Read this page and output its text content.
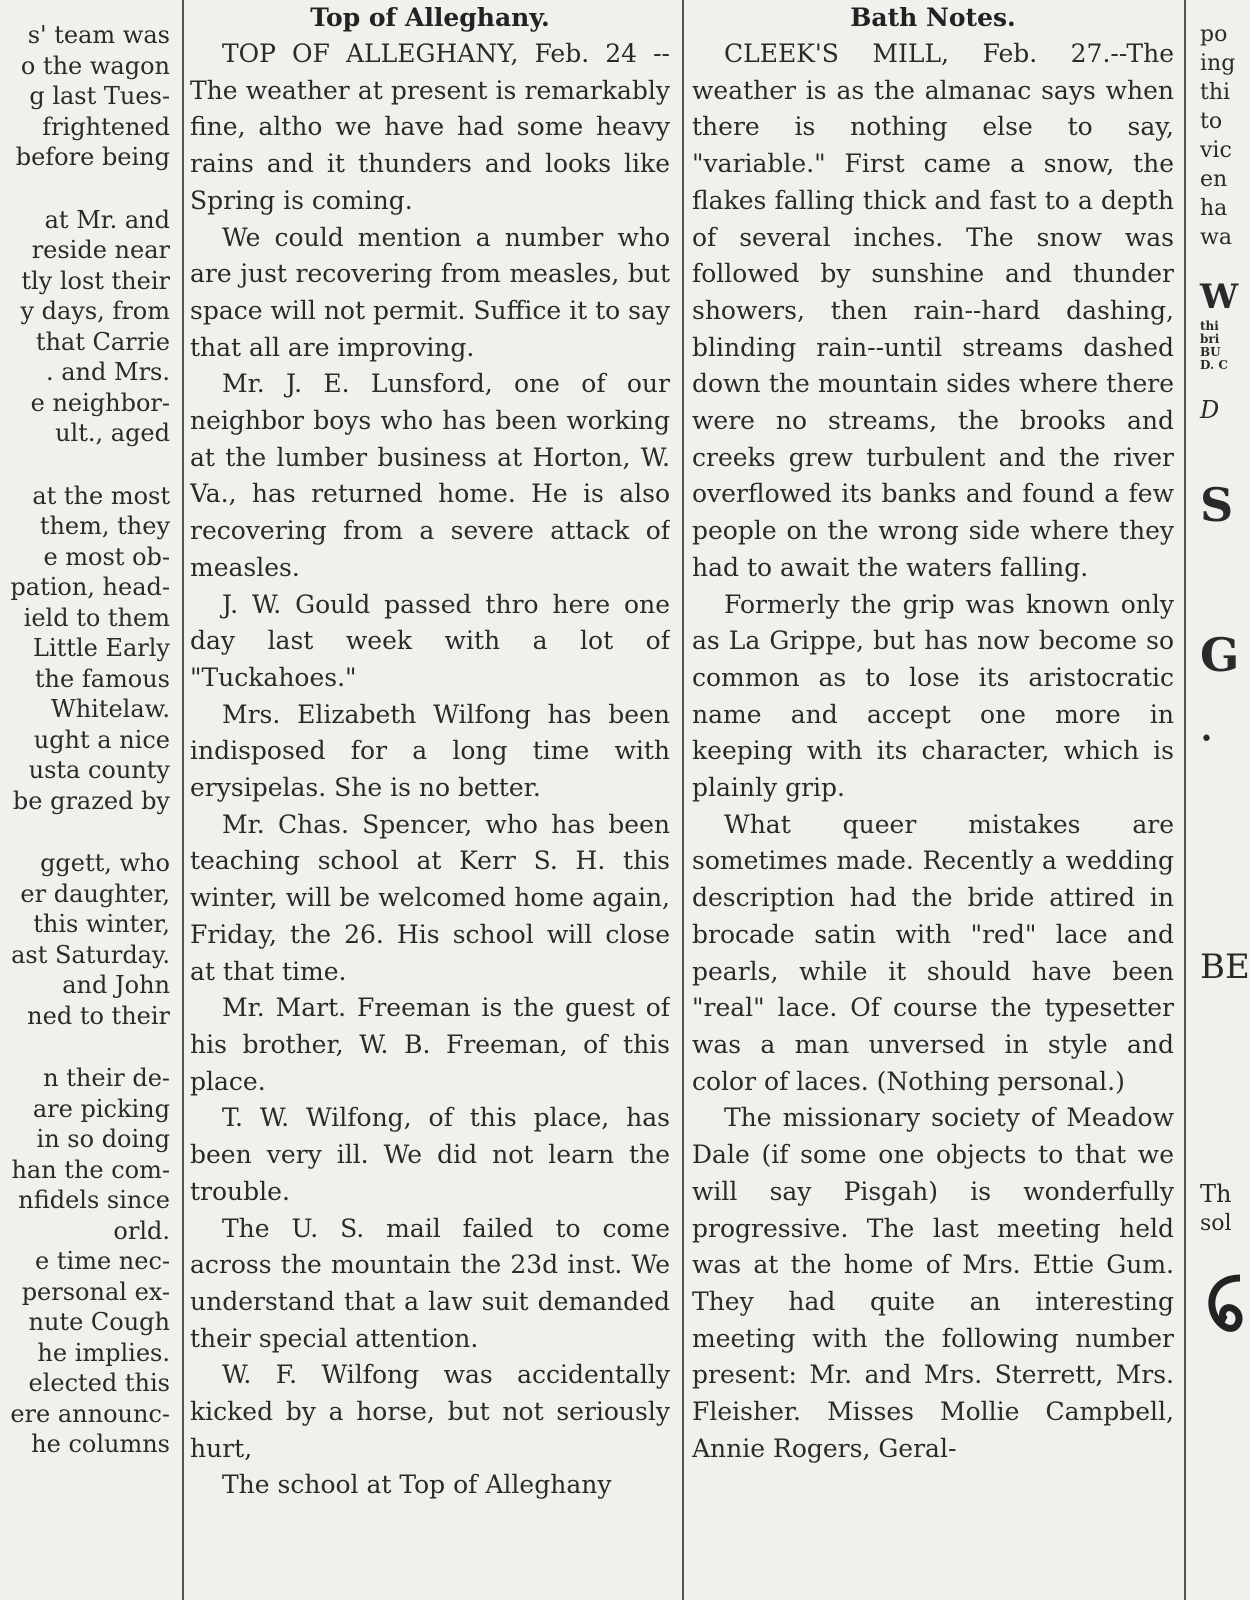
s' team was
o the wagon
g last Tues-
frightened
before being
at Mr. and
reside near
tly lost their
y days, from
that Carrie
. and Mrs.
e neighbor-
ult., aged
at the most
them, they
e most ob-
pation, head-
ield to them
Little Early
the famous
Whitelaw.
ught a nice
usta county
be grazed by
ggett, who
er daughter,
this winter,
ast Saturday.
and John
ned to their
n their de-
are picking
in so doing
han the com-
nfidels since
orld.
e time nec-
personal ex-
nute Cough
he implies.
elected this
ere announc-
he columns

Top of Alleghany.

TOP OF ALLEGHANY, Feb. 24 -- The weather at present is remarkably fine, altho we have had some heavy rains and it thunders and looks like Spring is coming.

We could mention a number who are just recovering from measles, but space will not permit. Suffice it to say that all are improving.

Mr. J. E. Lunsford, one of our neighbor boys who has been working at the lumber business at Horton, W. Va., has returned home. He is also recovering from a severe attack of measles.

J. W. Gould passed thro here one day last week with a lot of "Tuckahoes."

Mrs. Elizabeth Wilfong has been indisposed for a long time with erysipelas. She is no better.

Mr. Chas. Spencer, who has been teaching school at Kerr S. H. this winter, will be welcomed home again, Friday, the 26. His school will close at that time.

Mr. Mart. Freeman is the guest of his brother, W. B. Freeman, of this place.

T. W. Wilfong, of this place, has been very ill. We did not learn the trouble.

The U. S. mail failed to come across the mountain the 23d inst. We understand that a law suit demanded their special attention.

W. F. Wilfong was accidentally kicked by a horse, but not seriously hurt,

The school at Top of Alleghany

Bath Notes.

CLEEK'S MILL, Feb. 27.--The weather is as the almanac says when there is nothing else to say, "variable." First came a snow, the flakes falling thick and fast to a depth of several inches. The snow was followed by sunshine and thunder showers, then rain--hard dashing, blinding rain--until streams dashed down the mountain sides where there were no streams, the brooks and creeks grew turbulent and the river overflowed its banks and found a few people on the wrong side where they had to await the waters falling.

Formerly the grip was known only as La Grippe, but has now become so common as to lose its aristocratic name and accept one more in keeping with its character, which is plainly grip.

What queer mistakes are sometimes made. Recently a wedding description had the bride attired in brocade satin with "red" lace and pearls, while it should have been "real" lace. Of course the typesetter was a man unversed in style and color of laces. (Nothing personal.)

The missionary society of Meadow Dale (if some one objects to that we will say Pisgah) is wonderfully progressive. The last meeting held was at the home of Mrs. Ettie Gum. They had quite an interesting meeting with the following number present: Mr. and Mrs. Sterrett, Mrs. Fleisher. Misses Mollie Campbell, Annie Rogers, Geral-

po
ing
thi
to
vic
en
ha
wa
W
thi
bri
BU
D. C
D
S
G
•
BE
Th
sol
